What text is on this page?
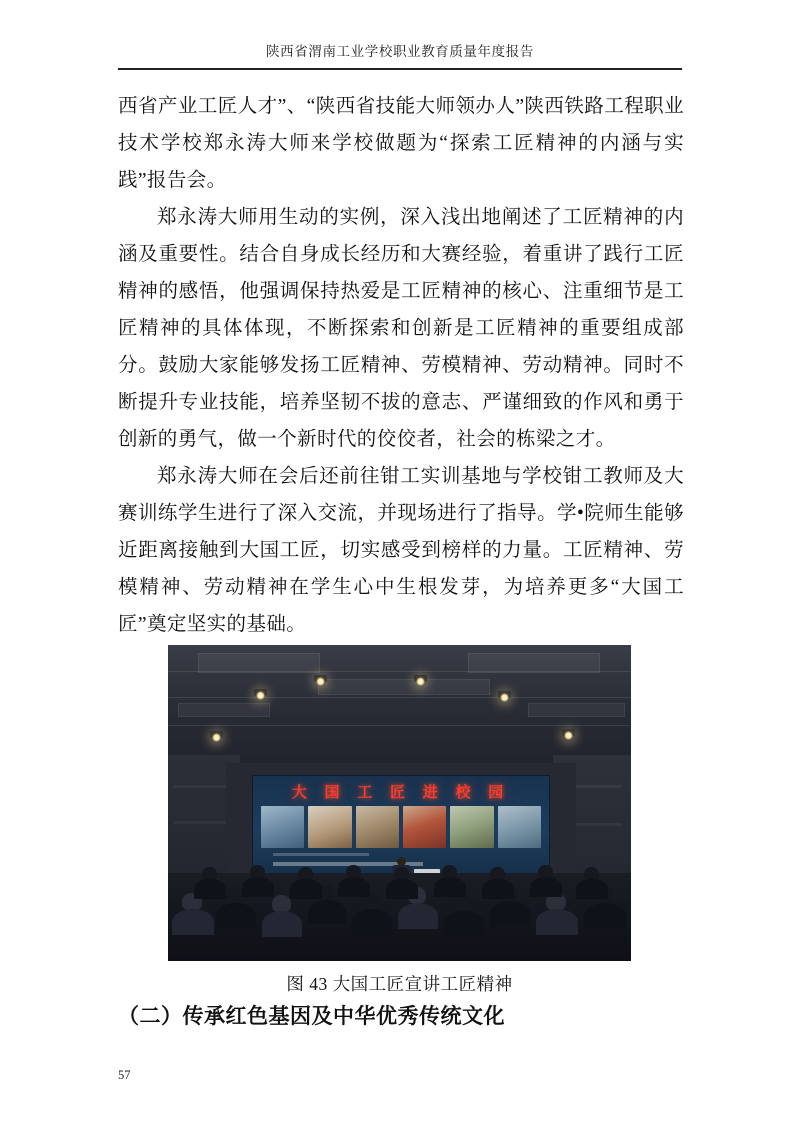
陕西省渭南工业学校职业教育质量年度报告

西省产业工匠人才”、“陕西省技能大师领办人”陕西铁路工程职业技术学校郑永涛大师来学校做题为“探索工匠精神的内涵与实践”报告会。

郑永涛大师用生动的实例，深入浅出地阐述了工匠精神的内涵及重要性。结合自身成长经历和大赛经验，着重讲了践行工匠精神的感悟，他强调保持热爱是工匠精神的核心、注重细节是工匠精神的具体体现，不断探索和创新是工匠精神的重要组成部分。鼓励大家能够发扬工匠精神、劳模精神、劳动精神。同时不断提升专业技能，培养坚韧不拔的意志、严谨细致的作风和勇于创新的勇气，做一个新时代的佼佼者，社会的栋梁之才。

郑永涛大师在会后还前往钳工实训基地与学校钳工教师及大赛训练学生进行了深入交流，并现场进行了指导。学•院师生能够近距离接触到大国工匠，切实感受到榜样的力量。工匠精神、劳模精神、劳动精神在学生心中生根发芽，为培养更多“大国工匠”奠定坚实的基础。

大 国 工 匠 进 校 园
图 43 大国工匠宣讲工匠精神
（二）传承红色基因及中华优秀传统文化
57
